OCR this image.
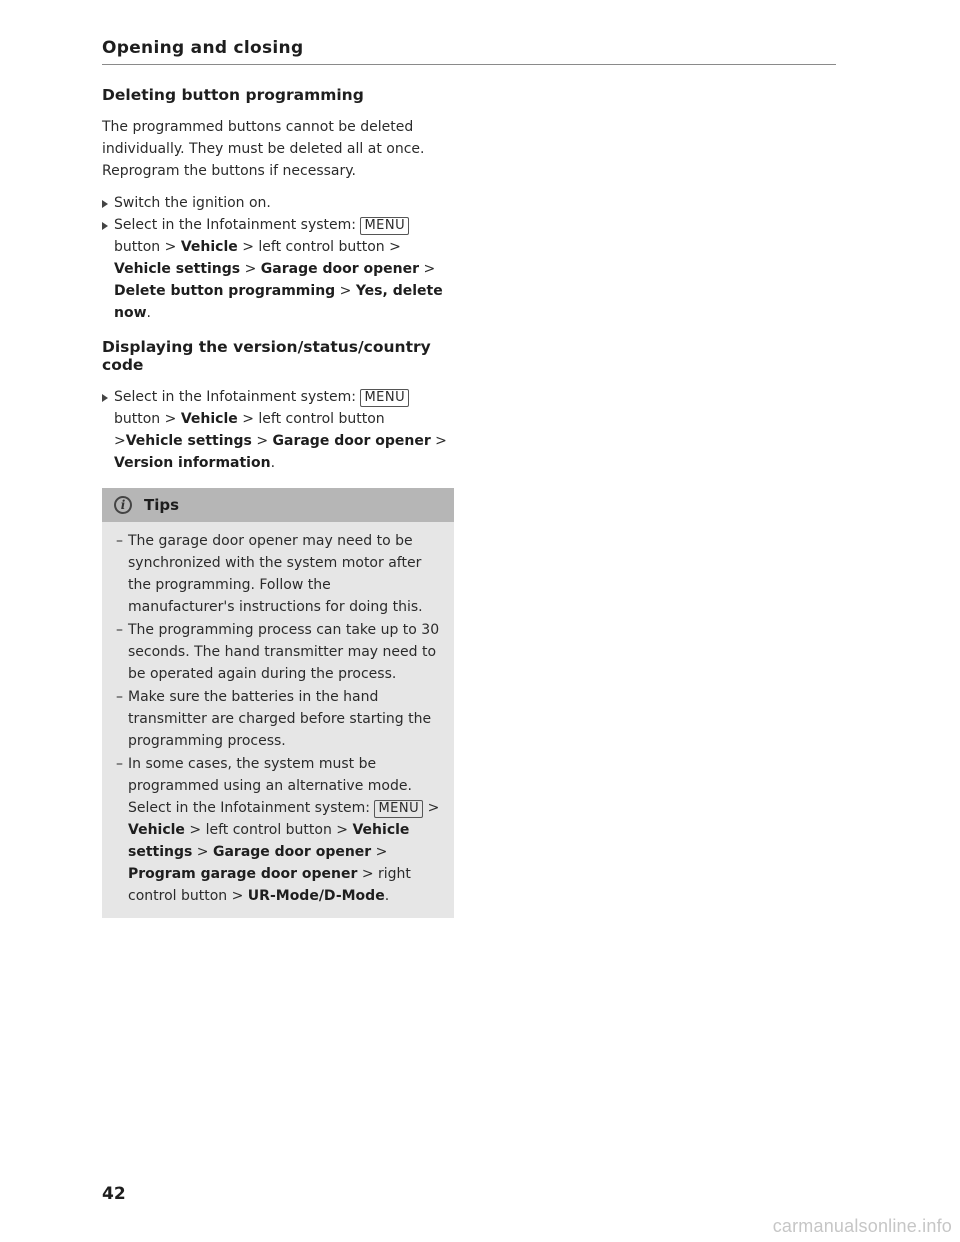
Opening and closing
Deleting button programming

The programmed buttons cannot be deleted individually. They must be deleted all at once. Reprogram the buttons if necessary.

Switch the ignition on.
Select in the Infotainment system: MENU button > Vehicle > left control button > Vehicle settings > Garage door opener > Delete button programming > Yes, delete now.
Displaying the version/status/country code
Select in the Infotainment system: MENU button > Vehicle > left control button >Vehicle settings > Garage door opener > Version information.
i	Tips
– The garage door opener may need to be synchronized with the system motor after the programming. Follow the manufacturer's instructions for doing this.
– The programming process can take up to 30 seconds. The hand transmitter may need to be operated again during the process.
– Make sure the batteries in the hand transmitter are charged before starting the programming process.
– In some cases, the system must be programmed using an alternative mode. Select in the Infotainment system: MENU > Vehicle > left control button > Vehicle settings > Garage door opener > Program garage door opener > right control button > UR-Mode/D-Mode.
42
carmanualsonline.info
